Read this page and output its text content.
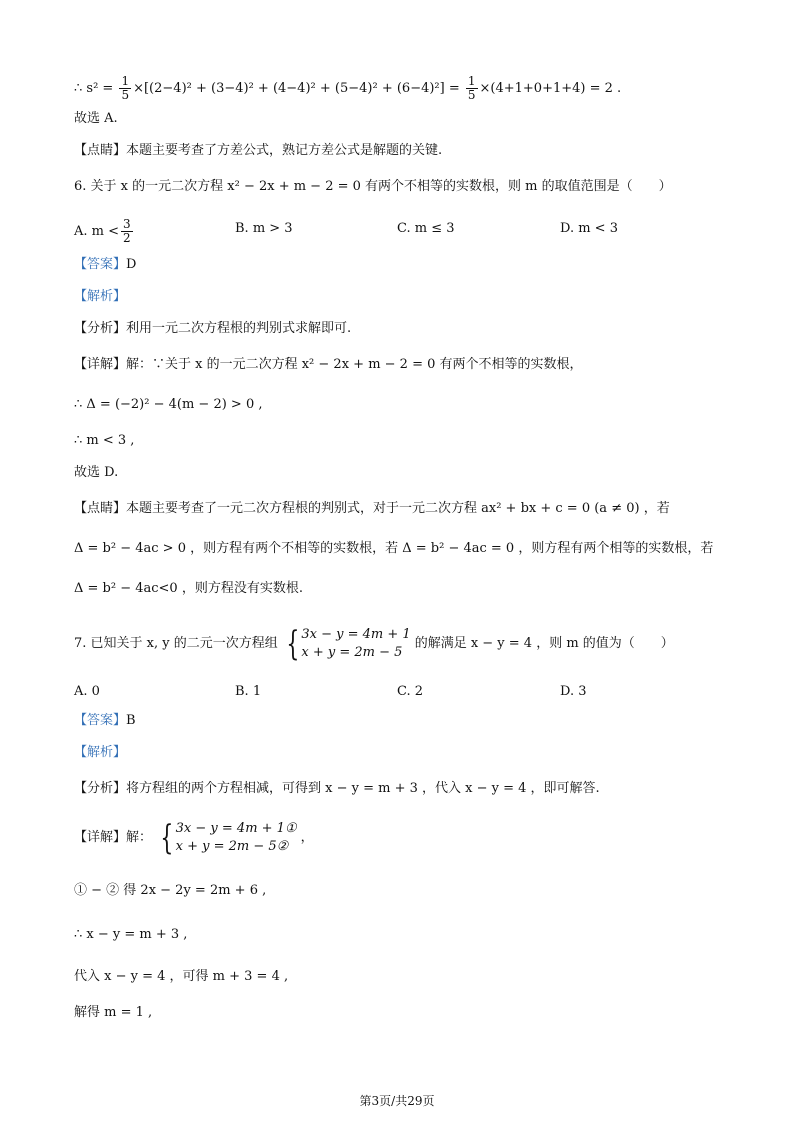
∴ $s^2 = \frac{1}{5} \times[(2-4)^2 + (3-4)^2 + (4-4)^2 + (5-4)^2 + (6-4)^2] = \frac{1}{5} \times(4+1+0+1+4) = 2$ .
故选 A.
【点睛】本题主要考查了方差公式，熟记方差公式是解题的关键.
6. 关于 x 的一元二次方程 x² − 2x + m − 2 = 0 有两个不相等的实数根，则 m 的取值范围是（　　）
A. $m < \frac{3}{2}$	B. m > 3	C. m ≤ 3	D. m < 3
【答案】D
【解析】
【分析】利用一元二次方程根的判别式求解即可.
【详解】解：∵关于 x 的一元二次方程 x² − 2x + m − 2 = 0 有两个不相等的实数根，
∴ Δ = (−2)² − 4(m − 2) > 0 ,
∴ m < 3 ,
故选 D.
【点睛】本题主要考查了一元二次方程根的判别式，对于一元二次方程 ax² + bx + c = 0 (a ≠ 0) ，若
Δ = b² − 4ac > 0 ，则方程有两个不相等的实数根，若 Δ = b² − 4ac = 0 ，则方程有两个相等的实数根，若
Δ = b² − 4ac<0 ，则方程没有实数根.
7. 已知关于 x, y 的二元一次方程组 { 3x − y = 4m + 1
x + y = 2m − 5
的解满足 x − y = 4 ，则 m 的值为（　　）
A. 0	B. 1	C. 2	D. 3
【答案】B
【解析】
【分析】将方程组的两个方程相减，可得到 x − y = m + 3 ，代入 x − y = 4 ，即可解答.
【详解】解： { 3x − y = 4m + 1①
x + y = 2m − 5②
，
① − ② 得 2x − 2y = 2m + 6 ,
∴ x − y = m + 3 ,
代入 x − y = 4 ，可得 m + 3 = 4 ,
解得 m = 1 ,
第3页/共29页
